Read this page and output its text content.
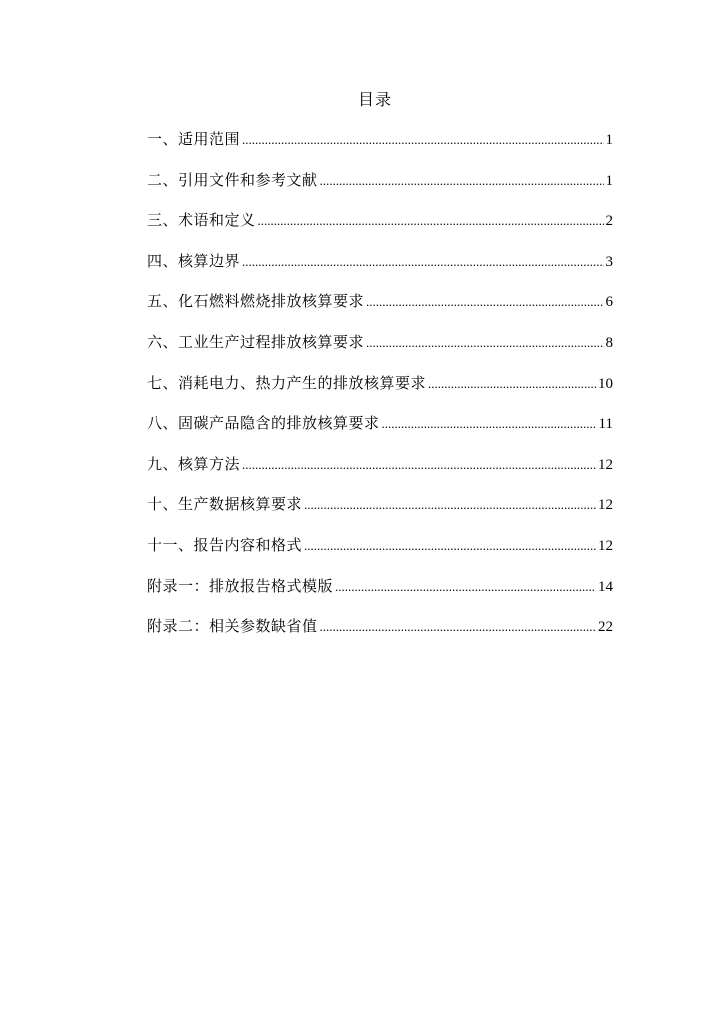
目录
一、适用范围 .....	1
二、引用文件和参考文献 .....	1
三、术语和定义 .....	2
四、核算边界 .....	3
五、化石燃料燃烧排放核算要求 .....	6
六、工业生产过程排放核算要求 .....	8
七、消耗电力、热力产生的排放核算要求 .....	10
八、固碳产品隐含的排放核算要求 .....	11
九、核算方法 .....	12
十、生产数据核算要求 .....	12
十一、报告内容和格式 .....	12
附录一：排放报告格式模版 .....	14
附录二：相关参数缺省值 .....	22
